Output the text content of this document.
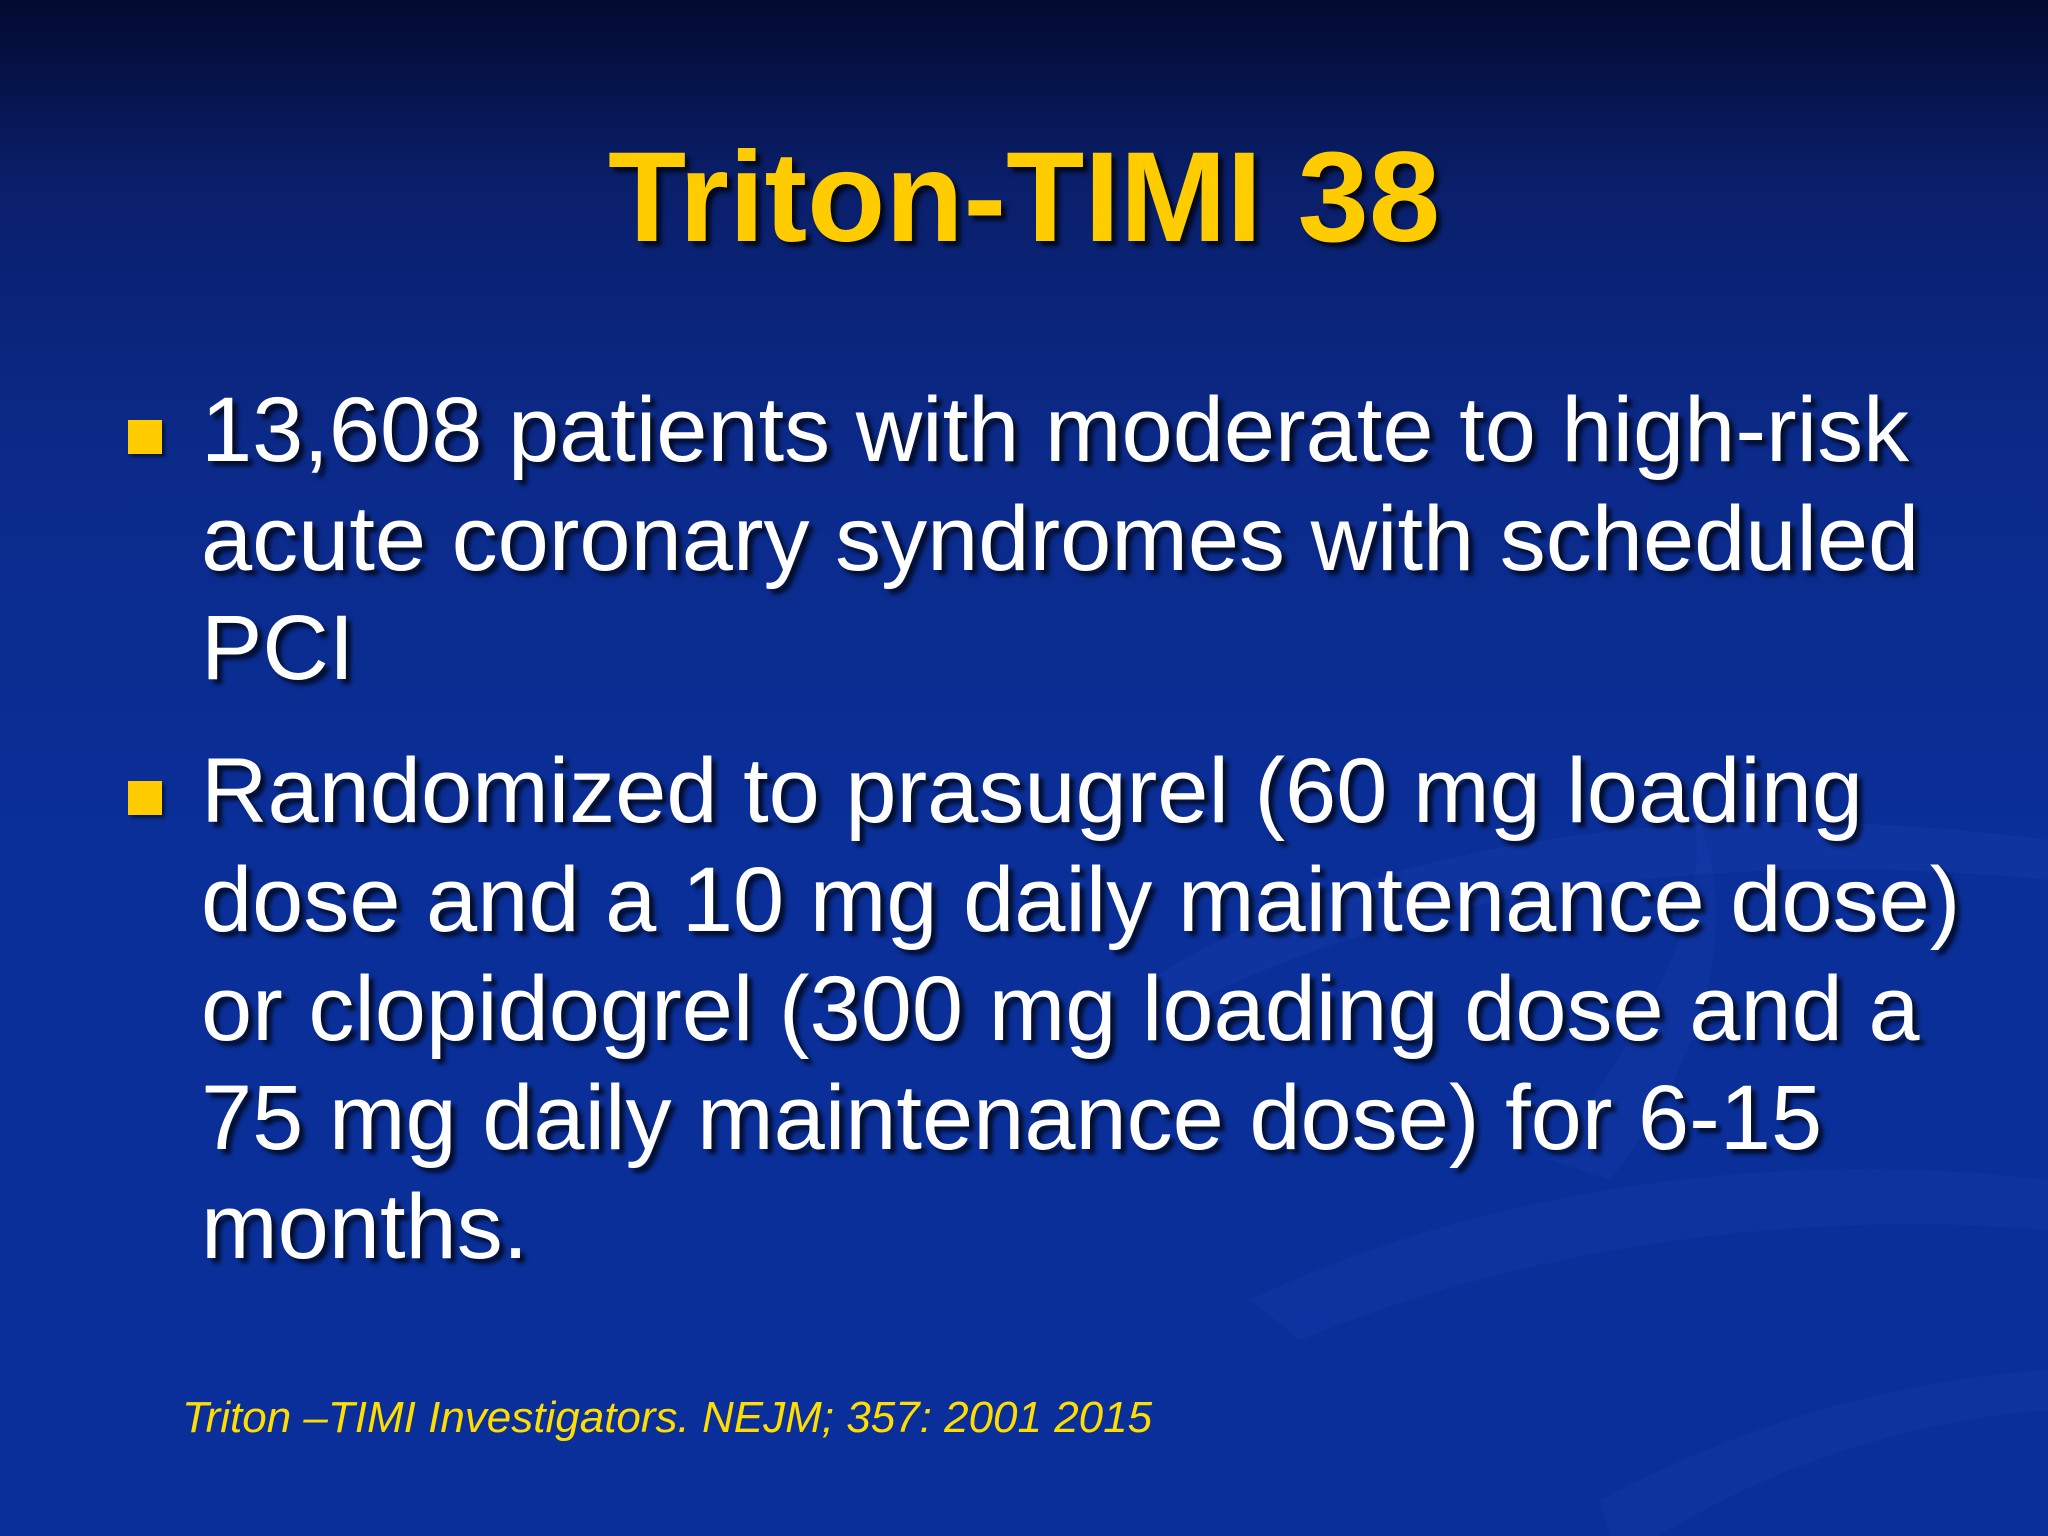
Triton-TIMI 38
13,608 patients with moderate to high-risk acute coronary syndromes with scheduled PCI
Randomized to prasugrel (60 mg loading dose and a 10 mg daily maintenance dose) or clopidogrel (300 mg loading dose and a 75 mg daily maintenance dose) for 6-15 months.

Triton –TIMI Investigators. NEJM; 357: 2001 2015
